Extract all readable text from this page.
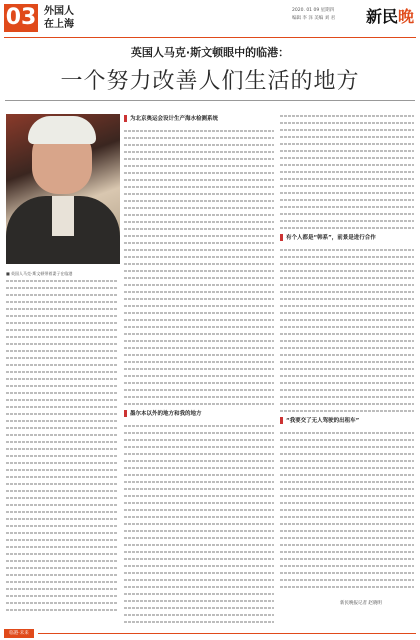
03 外国人
在上海
2020. 01 09 星期四
编辑 李 泽 美编 刘 君 新民晚
英国人马克·斯文顿眼中的临港：
一个努力改善人们生活的地方
■ 英国人马克·斯文顿带着妻子在临港
为北京奥运会设计生产海水检测系统
墨尔本以外的地方和我的地方
有个人都是“韩系”，前景是进行合作
“我要交了无人驾驶的出租车”
新民晚报记者 赵晓明
临港·未来
